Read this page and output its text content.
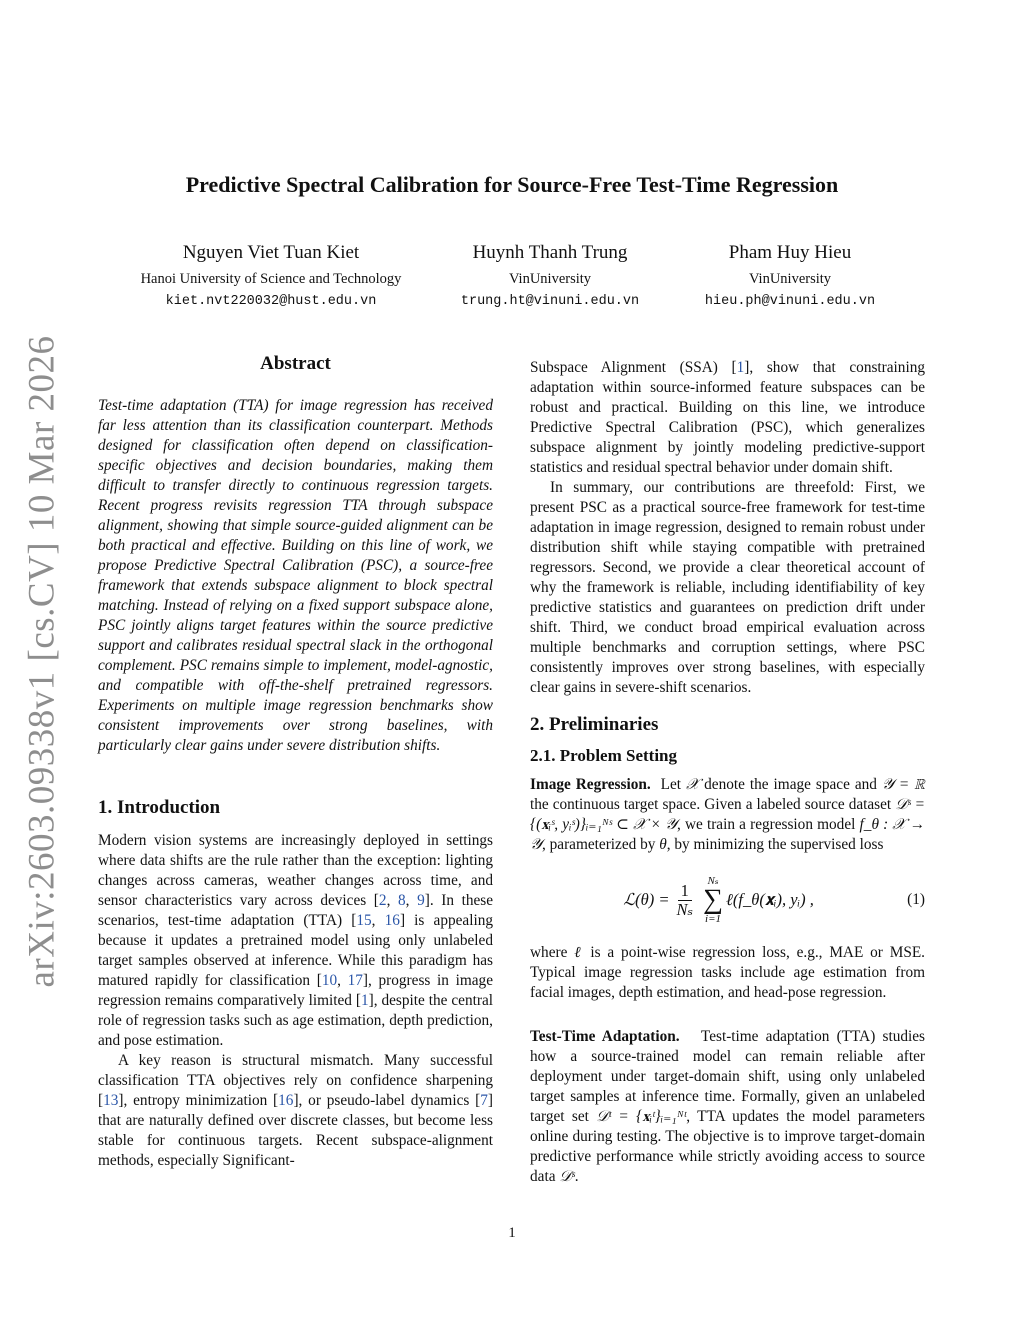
arXiv:2603.09338v1 [cs.CV] 10 Mar 2026
Predictive Spectral Calibration for Source-Free Test-Time Regression
Nguyen Viet Tuan Kiet
Hanoi University of Science and Technology
kiet.nvt220032@hust.edu.vn
Huynh Thanh Trung
VinUniversity
trung.ht@vinuni.edu.vn
Pham Huy Hieu
VinUniversity
hieu.ph@vinuni.edu.vn
Abstract

Test-time adaptation (TTA) for image regression has received far less attention than its classification counterpart. Methods designed for classification often depend on classification-specific objectives and decision boundaries, making them difficult to transfer directly to continuous regression targets. Recent progress revisits regression TTA through subspace alignment, showing that simple source-guided alignment can be both practical and effective. Building on this line of work, we propose Predictive Spectral Calibration (PSC), a source-free framework that extends subspace alignment to block spectral matching. Instead of relying on a fixed support subspace alone, PSC jointly aligns target features within the source predictive support and calibrates residual spectral slack in the orthogonal complement. PSC remains simple to implement, model-agnostic, and compatible with off-the-shelf pretrained regressors. Experiments on multiple image regression benchmarks show consistent improvements over strong baselines, with particularly clear gains under severe distribution shifts.

1. Introduction

Modern vision systems are increasingly deployed in settings where data shifts are the rule rather than the exception: lighting changes across cameras, weather changes across time, and sensor characteristics vary across devices [2, 8, 9]. In these scenarios, test-time adaptation (TTA) [15, 16] is appealing because it updates a pretrained model using only unlabeled target samples observed at inference. While this paradigm has matured rapidly for classification [10, 17], progress in image regression remains comparatively limited [1], despite the central role of regression tasks such as age estimation, depth prediction, and pose estimation.

A key reason is structural mismatch. Many successful classification TTA objectives rely on confidence sharpening [13], entropy minimization [16], or pseudo-label dynamics [7] that are naturally defined over discrete classes, but become less stable for continuous targets. Recent subspace-alignment methods, especially Significant-

Subspace Alignment (SSA) [1], show that constraining adaptation within source-informed feature subspaces can be robust and practical. Building on this line, we introduce Predictive Spectral Calibration (PSC), which generalizes subspace alignment by jointly modeling predictive-support statistics and residual spectral behavior under domain shift.

In summary, our contributions are threefold: First, we present PSC as a practical source-free framework for test-time adaptation in image regression, designed to remain robust under distribution shift while staying compatible with pretrained regressors. Second, we provide a clear theoretical account of why the framework is reliable, including identifiability of key predictive statistics and guarantees on prediction drift under shift. Third, we conduct broad empirical evaluation across multiple benchmarks and corruption settings, where PSC consistently improves over strong baselines, with especially clear gains in severe-shift scenarios.

2. Preliminaries
2.1. Problem Setting

Image Regression. Let 𝒳 denote the image space and 𝒴 = ℝ the continuous target space. Given a labeled source dataset 𝒟ˢ = {(𝐱ᵢˢ, yᵢˢ)}ᵢ₌₁ᴺˢ ⊂ 𝒳 × 𝒴, we train a regression model f_θ : 𝒳 → 𝒴, parameterized by θ, by minimizing the supervised loss

ℒ(θ) = $\frac{1}{\text{Nₛ}}$
Nₛ
∑
i=1
ℓ(f_θ(𝐱ᵢ), yᵢ) ,	(1)

where ℓ is a point-wise regression loss, e.g., MAE or MSE. Typical image regression tasks include age estimation from facial images, depth estimation, and head-pose regression.

Test-Time Adaptation. Test-time adaptation (TTA) studies how a source-trained model can remain reliable after deployment under target-domain shift, using only unlabeled target samples at inference time. Formally, given an unlabeled target set 𝒟ᵗ = {𝐱ᵢᵗ}ᵢ₌₁ᴺᵗ, TTA updates the model parameters online during testing. The objective is to improve target-domain predictive performance while strictly avoiding access to source data 𝒟ˢ.

1
